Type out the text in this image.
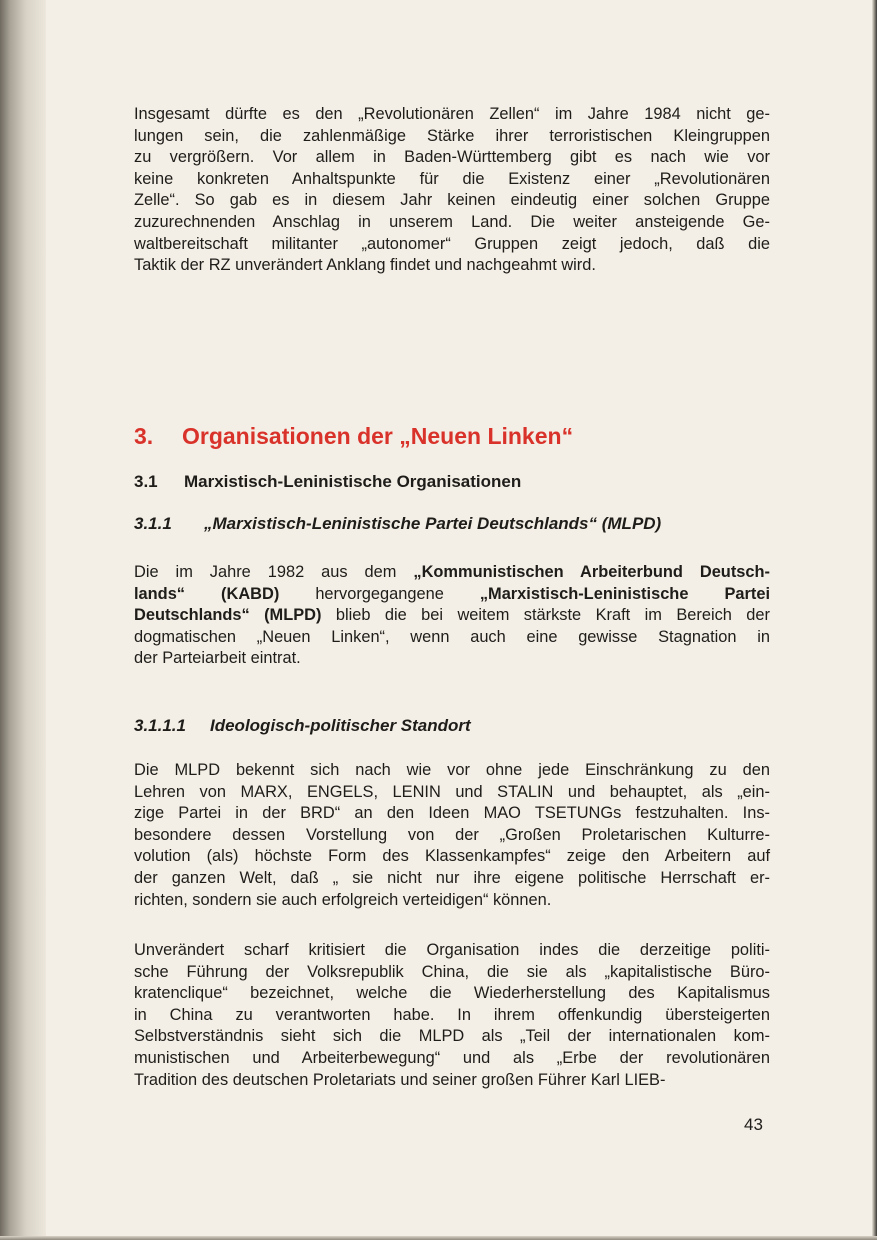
Insgesamt dürfte es den „Revolutionären Zellen“ im Jahre 1984 nicht ge-
lungen sein, die zahlenmäßige Stärke ihrer terroristischen Kleingruppen
zu vergrößern. Vor allem in Baden-Württemberg gibt es nach wie vor
keine konkreten Anhaltspunkte für die Existenz einer „Revolutionären
Zelle“. So gab es in diesem Jahr keinen eindeutig einer solchen Gruppe
zuzurechnenden Anschlag in unserem Land. Die weiter ansteigende Ge-
waltbereitschaft militanter „autonomer“ Gruppen zeigt jedoch, daß die
Taktik der RZ unverändert Anklang findet und nachgeahmt wird.

3. Organisationen der „Neuen Linken“
3.1 Marxistisch-Leninistische Organisationen
3.1.1 „Marxistisch-Leninistische Partei Deutschlands“ (MLPD)

Die im Jahre 1982 aus dem „Kommunistischen Arbeiterbund Deutsch-
lands“ (KABD) hervorgegangene „Marxistisch-Leninistische Partei
Deutschlands“ (MLPD) blieb die bei weitem stärkste Kraft im Bereich der
dogmatischen „Neuen Linken“, wenn auch eine gewisse Stagnation in
der Parteiarbeit eintrat.

3.1.1.1 Ideologisch-politischer Standort

Die MLPD bekennt sich nach wie vor ohne jede Einschränkung zu den
Lehren von MARX, ENGELS, LENIN und STALIN und behauptet, als „ein-
zige Partei in der BRD“ an den Ideen MAO TSETUNGs festzuhalten. Ins-
besondere dessen Vorstellung von der „Großen Proletarischen Kulturre-
volution (als) höchste Form des Klassenkampfes“ zeige den Arbeitern auf
der ganzen Welt, daß „ sie nicht nur ihre eigene politische Herrschaft er-
richten, sondern sie auch erfolgreich verteidigen“ können.

Unverändert scharf kritisiert die Organisation indes die derzeitige politi-
sche Führung der Volksrepublik China, die sie als „kapitalistische Büro-
kratenclique“ bezeichnet, welche die Wiederherstellung des Kapitalismus
in China zu verantworten habe. In ihrem offenkundig übersteigerten
Selbstverständnis sieht sich die MLPD als „Teil der internationalen kom-
munistischen und Arbeiterbewegung“ und als „Erbe der revolutionären
Tradition des deutschen Proletariats und seiner großen Führer Karl LIEB-

43
